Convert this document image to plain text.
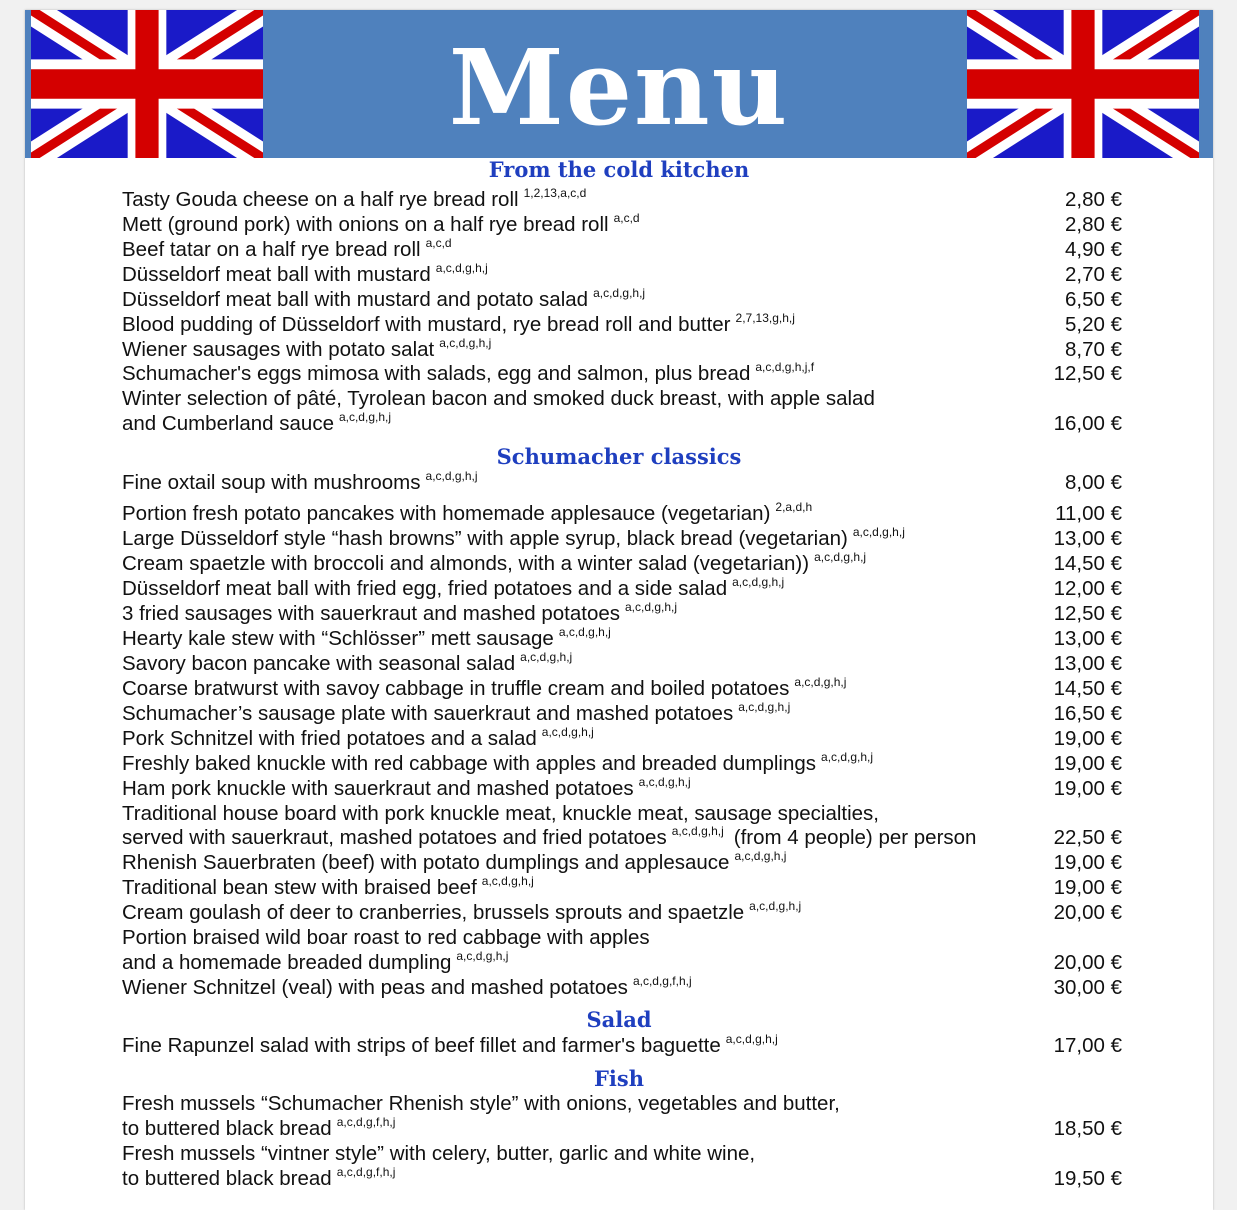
Menu
From the cold kitchen
Tasty Gouda cheese on a half rye bread roll $^{1,2,13,a,c,d}$	2,80 €
Mett (ground pork) with onions on a half rye bread roll $^{a,c,d}$	2,80 €
Beef tatar on a half rye bread roll $^{a,c,d}$	4,90 €
Düsseldorf meat ball with mustard $^{a,c,d,g,h,j}$	2,70 €
Düsseldorf meat ball with mustard and potato salad $^{a,c,d,g,h,j}$	6,50 €
Blood pudding of Düsseldorf with mustard, rye bread roll and butter $^{2,7,13,g,h,j}$	5,20 €
Wiener sausages with potato salat $^{a,c,d,g,h,j}$	8,70 €
Schumacher's eggs mimosa with salads, egg and salmon, plus bread $^{a,c,d,g,h,j,f}$	12,50 €
Winter selection of pâté, Tyrolean bacon and smoked duck breast, with apple salad
and Cumberland sauce $^{a,c,d,g,h,j}$	16,00 €
Schumacher classics
Fine oxtail soup with mushrooms $^{a,c,d,g,h,j}$	8,00 €
Portion fresh potato pancakes with homemade applesauce (vegetarian) $^{2,a,d,h}$	11,00 €
Large Düsseldorf style “hash browns” with apple syrup, black bread (vegetarian) $^{a,c,d,g,h,j}$	13,00 €
Cream spaetzle with broccoli and almonds, with a winter salad (vegetarian)) $^{a,c,d,g,h,j}$	14,50 €
Düsseldorf meat ball with fried egg, fried potatoes and a side salad $^{a,c,d,g,h,j}$	12,00 €
3 fried sausages with sauerkraut and mashed potatoes $^{a,c,d,g,h,j}$	12,50 €
Hearty kale stew with “Schlösser” mett sausage $^{a,c,d,g,h,j}$	13,00 €
Savory bacon pancake with seasonal salad $^{a,c,d,g,h,j}$	13,00 €
Coarse bratwurst with savoy cabbage in truffle cream and boiled potatoes $^{a,c,d,g,h,j}$	14,50 €
Schumacher’s sausage plate with sauerkraut and mashed potatoes $^{a,c,d,g,h,j}$	16,50 €
Pork Schnitzel with fried potatoes and a salad $^{a,c,d,g,h,j}$	19,00 €
Freshly baked knuckle with red cabbage with apples and breaded dumplings $^{a,c,d,g,h,j}$	19,00 €
Ham pork knuckle with sauerkraut and mashed potatoes $^{a,c,d,g,h,j}$	19,00 €
Traditional house board with pork knuckle meat, knuckle meat, sausage specialties,
served with sauerkraut, mashed potatoes and fried potatoes $^{a,c,d,g,h,j}$ (from 4 people) per person	22,50 €
Rhenish Sauerbraten (beef) with potato dumplings and applesauce $^{a,c,d,g,h,j}$	19,00 €
Traditional bean stew with braised beef $^{a,c,d,g,h,j}$	19,00 €
Cream goulash of deer to cranberries, brussels sprouts and spaetzle $^{a,c,d,g,h,j}$	20,00 €
Portion braised wild boar roast to red cabbage with apples
and a homemade breaded dumpling $^{a,c,d,g,h,j}$	20,00 €
Wiener Schnitzel (veal) with peas and mashed potatoes $^{a,c,d,g,f,h,j}$	30,00 €
Salad
Fine Rapunzel salad with strips of beef fillet and farmer's baguette $^{a,c,d,g,h,j}$	17,00 €
Fish
Fresh mussels “Schumacher Rhenish style” with onions, vegetables and butter,
to buttered black bread $^{a,c,d,g,f,h,j}$	18,50 €
Fresh mussels “vintner style” with celery, butter, garlic and white wine,
to buttered black bread $^{a,c,d,g,f,h,j}$	19,50 €
